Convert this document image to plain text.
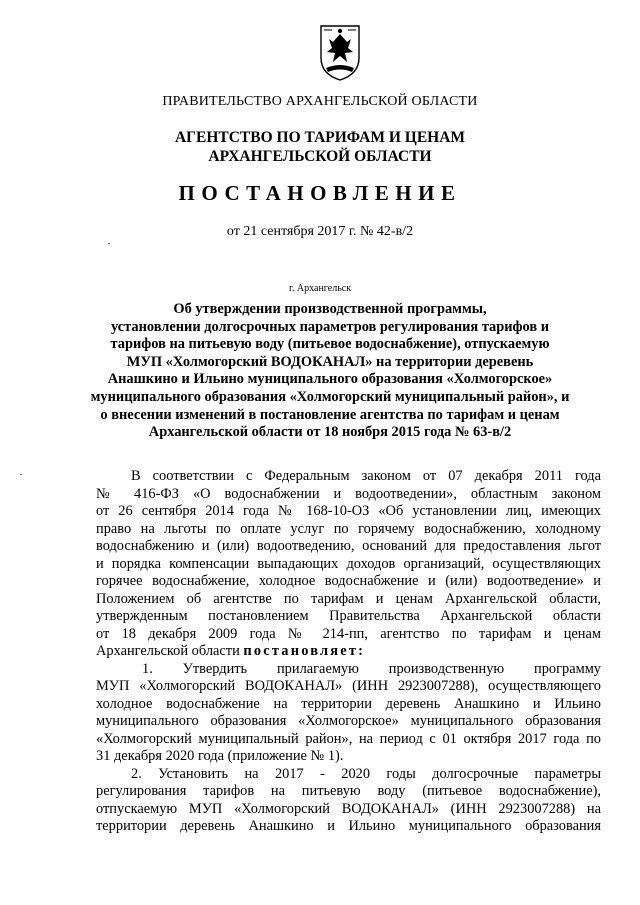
ПРАВИТЕЛЬСТВО АРХАНГЕЛЬСКОЙ ОБЛАСТИ
АГЕНТСТВО ПО ТАРИФАМ И ЦЕНАМ
АРХАНГЕЛЬСКОЙ ОБЛАСТИ
ПОСТАНОВЛЕНИЕ
от 21 сентября 2017 г. № 42-в/2
г. Архангельск
Об утверждении производственной программы,
установлении долгосрочных параметров регулирования тарифов и
тарифов на питьевую воду (питьевое водоснабжение), отпускаемую
МУП «Холмогорский ВОДОКАНАЛ» на территории деревень
Анашкино и Ильино муниципального образования «Холмогорское»
муниципального образования «Холмогорский муниципальный район», и
о внесении изменений в постановление агентства по тарифам и ценам
Архангельской области от 18 ноября 2015 года № 63-в/2
В соответствии с Федеральным законом от 07 декабря 2011 года
№ 416-ФЗ «О водоснабжении и водоотведении», областным законом
от 26 сентября 2014 года № 168-10-ОЗ «Об установлении лиц, имеющих
право на льготы по оплате услуг по горячему водоснабжению, холодному
водоснабжению и (или) водоотведению, оснований для предоставления льгот
и порядка компенсации выпадающих доходов организаций, осуществляющих
горячее водоснабжение, холодное водоснабжение и (или) водоотведение» и
Положением об агентстве по тарифам и ценам Архангельской области,
утвержденным постановлением Правительства Архангельской области
от 18 декабря 2009 года № 214-пп, агентство по тарифам и ценам
Архангельской области постановляет:
1. Утвердить прилагаемую производственную программу
МУП «Холмогорский ВОДОКАНАЛ» (ИНН 2923007288), осуществляющего
холодное водоснабжение на территории деревень Анашкино и Ильино
муниципального образования «Холмогорское» муниципального образования
«Холмогорский муниципальный район», на период с 01 октября 2017 года по
31 декабря 2020 года (приложение № 1).
2. Установить на 2017 - 2020 годы долгосрочные параметры
регулирования тарифов на питьевую воду (питьевое водоснабжение),
отпускаемую МУП «Холмогорский ВОДОКАНАЛ» (ИНН 2923007288) на
территории деревень Анашкино и Ильино муниципального образования
